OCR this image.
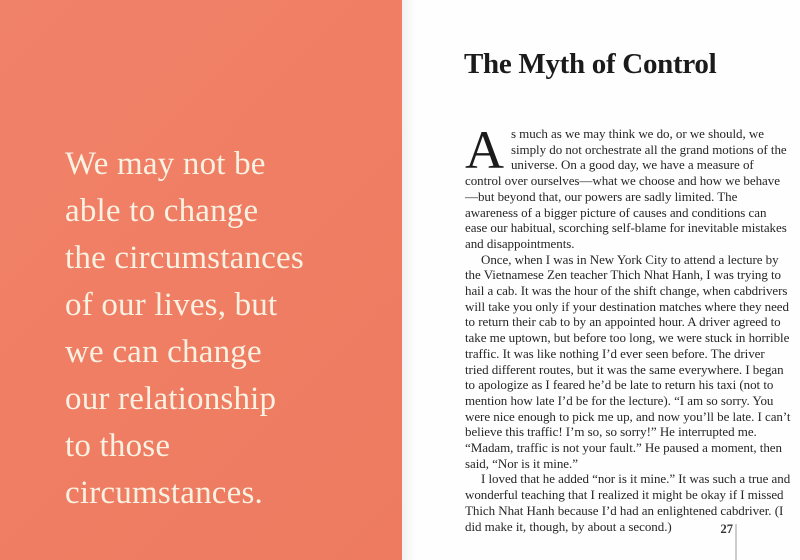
We may not be
able to change
the circumstances
of our lives, but
we can change
our relationship
to those
circumstances.
The Myth of Control

As much as we may think we do, or we should, we simply do not orchestrate all the grand motions of the universe. On a good day, we have a measure of control over ourselves—what we choose and how we behave—but beyond that, our powers are sadly limited. The awareness of a bigger picture of causes and conditions can ease our habitual, scorching self-blame for inevitable mistakes and disappointments.

Once, when I was in New York City to attend a lecture by the Vietnamese Zen teacher Thich Nhat Hanh, I was trying to hail a cab. It was the hour of the shift change, when cabdrivers will take you only if your destination matches where they need to return their cab to by an appointed hour. A driver agreed to take me uptown, but before too long, we were stuck in horrible traffic. It was like nothing I’d ever seen before. The driver tried different routes, but it was the same everywhere. I began to apologize as I feared he’d be late to return his taxi (not to mention how late I’d be for the lecture). “I am so sorry. You were nice enough to pick me up, and now you’ll be late. I can’t believe this traffic! I’m so, so sorry!” He interrupted me. “Madam, traffic is not your fault.” He paused a moment, then said, “Nor is it mine.”

I loved that he added “nor is it mine.” It was such a true and wonderful teaching that I realized it might be okay if I missed Thich Nhat Hanh because I’d had an enlightened cabdriver. (I did make it, though, by about a second.)	27
